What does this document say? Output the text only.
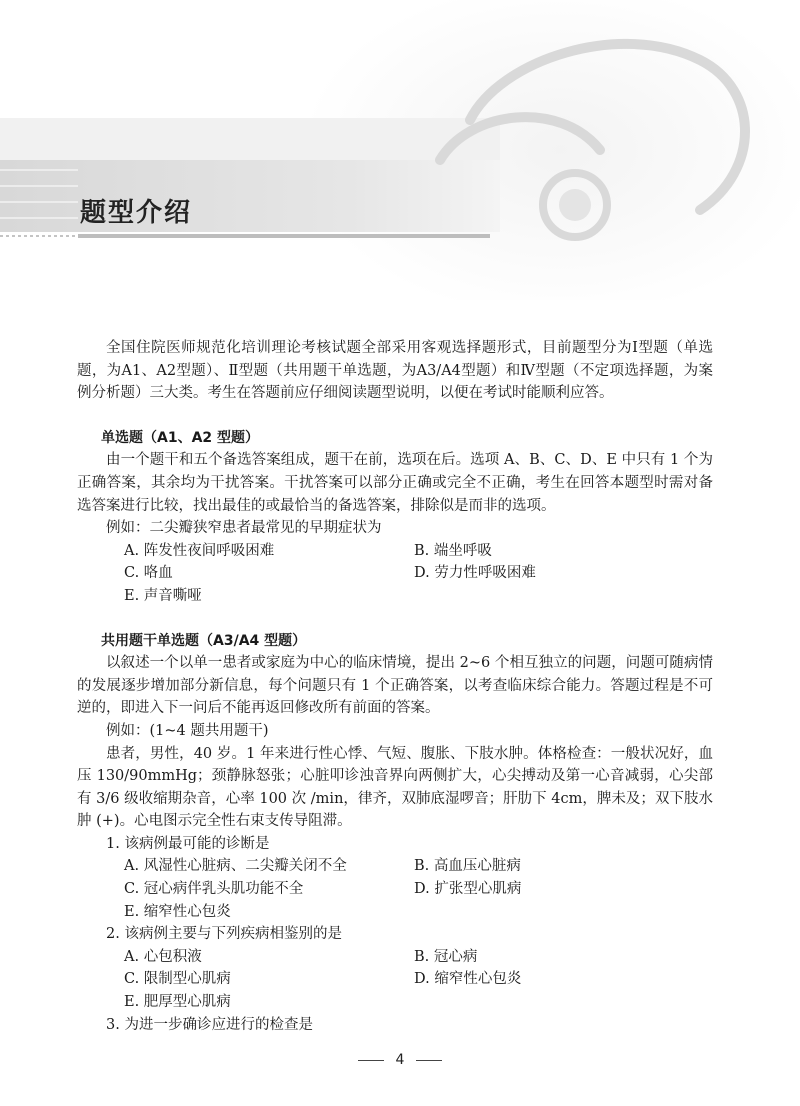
题型介绍

全国住院医师规范化培训理论考核试题全部采用客观选择题形式，目前题型分为Ⅰ型题（单选题，为A1、A2型题）、Ⅱ型题（共用题干单选题，为A3/A4型题）和Ⅳ型题（不定项选择题，为案例分析题）三大类。考生在答题前应仔细阅读题型说明，以便在考试时能顺利应答。

单选题（A1、A2 型题）

由一个题干和五个备选答案组成，题干在前，选项在后。选项 A、B、C、D、E 中只有 1 个为正确答案，其余均为干扰答案。干扰答案可以部分正确或完全不正确，考生在回答本题型时需对备选答案进行比较，找出最佳的或最恰当的备选答案，排除似是而非的选项。

例如：二尖瓣狭窄患者最常见的早期症状为

A. 阵发性夜间呼吸困难	B. 端坐呼吸

C. 咯血	D. 劳力性呼吸困难

E. 声音嘶哑

共用题干单选题（A3/A4 型题）

以叙述一个以单一患者或家庭为中心的临床情境，提出 2~6 个相互独立的问题，问题可随病情的发展逐步增加部分新信息，每个问题只有 1 个正确答案，以考查临床综合能力。答题过程是不可逆的，即进入下一问后不能再返回修改所有前面的答案。

例如：(1~4 题共用题干)

患者，男性，40 岁。1 年来进行性心悸、气短、腹胀、下肢水肿。体格检查：一般状况好，血压 130/90mmHg；颈静脉怒张；心脏叩诊浊音界向两侧扩大，心尖搏动及第一心音减弱，心尖部有 3/6 级收缩期杂音，心率 100 次 /min，律齐，双肺底湿啰音；肝肋下 4cm，脾未及；双下肢水肿 (+)。心电图示完全性右束支传导阻滞。

1. 该病例最可能的诊断是

A. 风湿性心脏病、二尖瓣关闭不全	B. 高血压心脏病

C. 冠心病伴乳头肌功能不全	D. 扩张型心肌病

E. 缩窄性心包炎

2. 该病例主要与下列疾病相鉴别的是

A. 心包积液	B. 冠心病

C. 限制型心肌病	D. 缩窄性心包炎

E. 肥厚型心肌病

3. 为进一步确诊应进行的检查是

4
